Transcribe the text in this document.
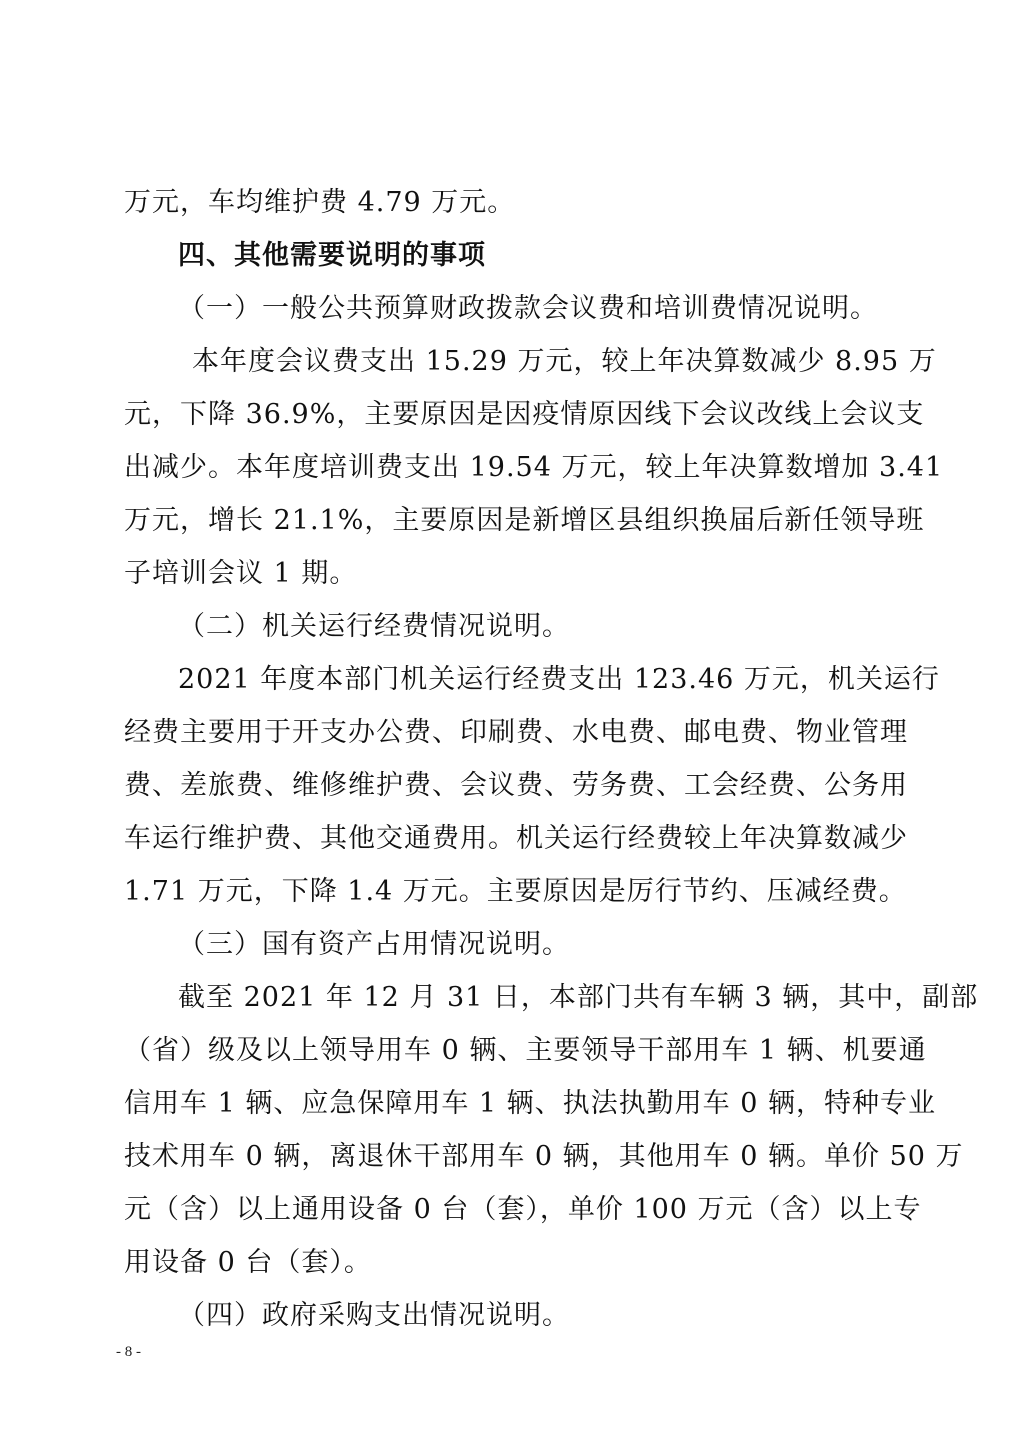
万元，车均维护费 4.79 万元。
四、其他需要说明的事项
（一）一般公共预算财政拨款会议费和培训费情况说明。
本年度会议费支出 15.29 万元，较上年决算数减少 8.95 万
元，下降 36.9%，主要原因是因疫情原因线下会议改线上会议支
出减少。本年度培训费支出 19.54 万元，较上年决算数增加 3.41
万元，增长 21.1%，主要原因是新增区县组织换届后新任领导班
子培训会议 1 期。
（二）机关运行经费情况说明。
2021 年度本部门机关运行经费支出 123.46 万元，机关运行
经费主要用于开支办公费、印刷费、水电费、邮电费、物业管理
费、差旅费、维修维护费、会议费、劳务费、工会经费、公务用
车运行维护费、其他交通费用。机关运行经费较上年决算数减少
1.71 万元，下降 1.4 万元。主要原因是厉行节约、压减经费。
（三）国有资产占用情况说明。
截至 2021 年 12 月 31 日，本部门共有车辆 3 辆，其中，副部
（省）级及以上领导用车 0 辆、主要领导干部用车 1 辆、机要通
信用车 1 辆、应急保障用车 1 辆、执法执勤用车 0 辆，特种专业
技术用车 0 辆，离退休干部用车 0 辆，其他用车 0 辆。单价 50 万
元（含）以上通用设备 0 台（套），单价 100 万元（含）以上专
用设备 0 台（套）。
（四）政府采购支出情况说明。
- 8 -
